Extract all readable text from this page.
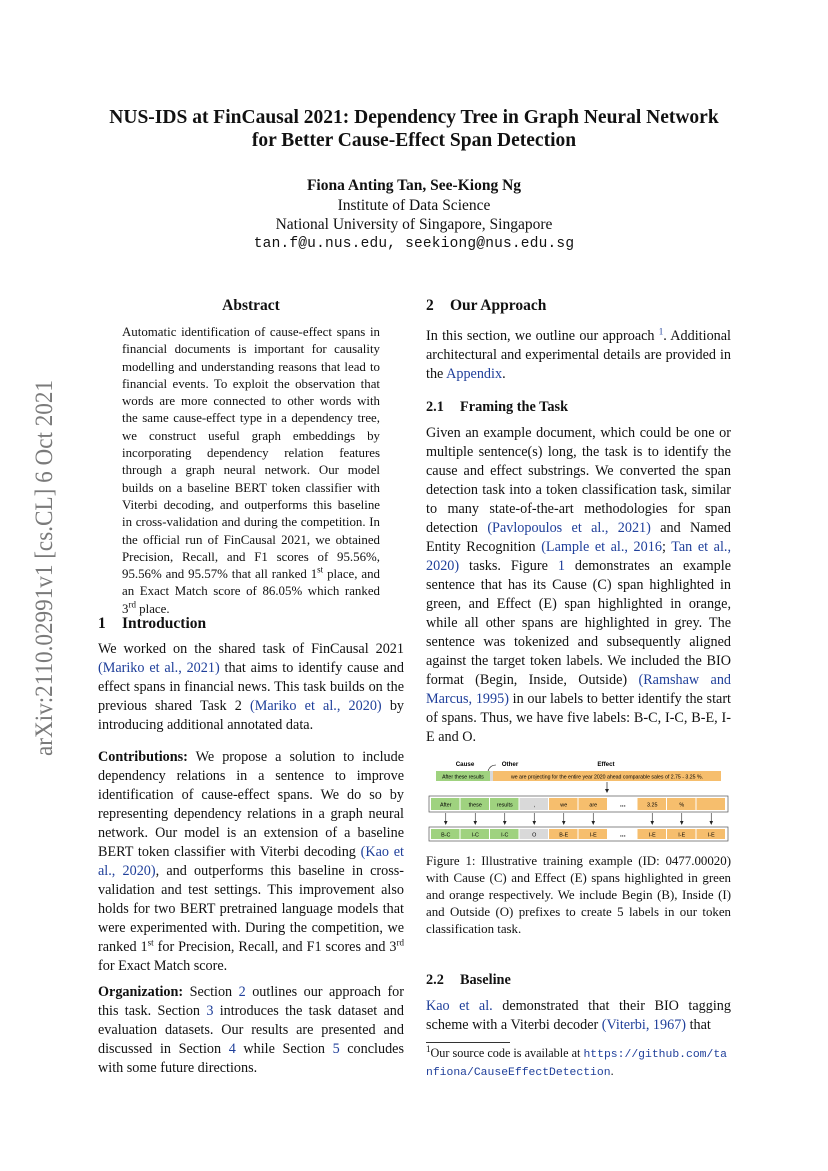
NUS-IDS at FinCausal 2021: Dependency Tree in Graph Neural Network
for Better Cause-Effect Span Detection
Fiona Anting Tan, See-Kiong Ng
Institute of Data Science
National University of Singapore, Singapore
tan.f@u.nus.edu, seekiong@nus.edu.sg
arXiv:2110.02991v1 [cs.CL] 6 Oct 2021
Abstract
Automatic identification of cause-effect spans in financial documents is important for causality modelling and understanding reasons that lead to financial events. To exploit the observation that words are more connected to other words with the same cause-effect type in a dependency tree, we construct useful graph embeddings by incorporating dependency relation features through a graph neural network. Our model builds on a baseline BERT token classifier with Viterbi decoding, and outperforms this baseline in cross-validation and during the competition. In the official run of FinCausal 2021, we obtained Precision, Recall, and F1 scores of 95.56%, 95.56% and 95.57% that all ranked 1st place, and an Exact Match score of 86.05% which ranked 3rd place.
1 Introduction

We worked on the shared task of FinCausal 2021 (Mariko et al., 2021) that aims to identify cause and effect spans in financial news. This task builds on the previous shared Task 2 (Mariko et al., 2020) by introducing additional annotated data.

Contributions: We propose a solution to include dependency relations in a sentence to improve identification of cause-effect spans. We do so by representing dependency relations in a graph neural network. Our model is an extension of a baseline BERT token classifier with Viterbi decoding (Kao et al., 2020), and outperforms this baseline in cross-validation and test settings. This improvement also holds for two BERT pretrained language models that were experimented with. During the competition, we ranked 1st for Precision, Recall, and F1 scores and 3rd for Exact Match score.

Organization: Section 2 outlines our approach for this task. Section 3 introduces the task dataset and evaluation datasets. Our results are presented and discussed in Section 4 while Section 5 concludes with some future directions.

2 Our Approach

In this section, we outline our approach $^1$. Additional architectural and experimental details are provided in the Appendix.

2.1 Framing the Task

Given an example document, which could be one or multiple sentence(s) long, the task is to identify the cause and effect substrings. We converted the span detection task into a token classification task, similar to many state-of-the-art methodologies for span detection (Pavlopoulos et al., 2021) and Named Entity Recognition (Lample et al., 2016; Tan et al., 2020) tasks. Figure 1 demonstrates an example sentence that has its Cause (C) span highlighted in green, and Effect (E) span highlighted in orange, while all other spans are highlighted in grey. The sentence was tokenized and subsequently aligned against the target token labels. We included the BIO format (Begin, Inside, Outside) (Ramshaw and Marcus, 1995) in our labels to better identify the start of spans. Thus, we have five labels: B-C, I-C, B-E, I-E and O.

Cause	Other	Effect
After these results	we are projecting for the entire year 2020 ahead comparable sales of 2.75 - 3.25 %.
After	these	results	,	we	are	...	3.25	%
B-C	I-C	I-C	O	B-E	I-E	...	I-E	I-E	I-E
Figure 1: Illustrative training example (ID: 0477.00020) with Cause (C) and Effect (E) spans highlighted in green and orange respectively. We include Begin (B), Inside (I) and Outside (O) prefixes to create 5 labels in our token classification task.
2.2 Baseline

Kao et al. demonstrated that their BIO tagging scheme with a Viterbi decoder (Viterbi, 1967) that

$^1$Our source code is available at https://github.com/tanfiona/CauseEffectDetection.
